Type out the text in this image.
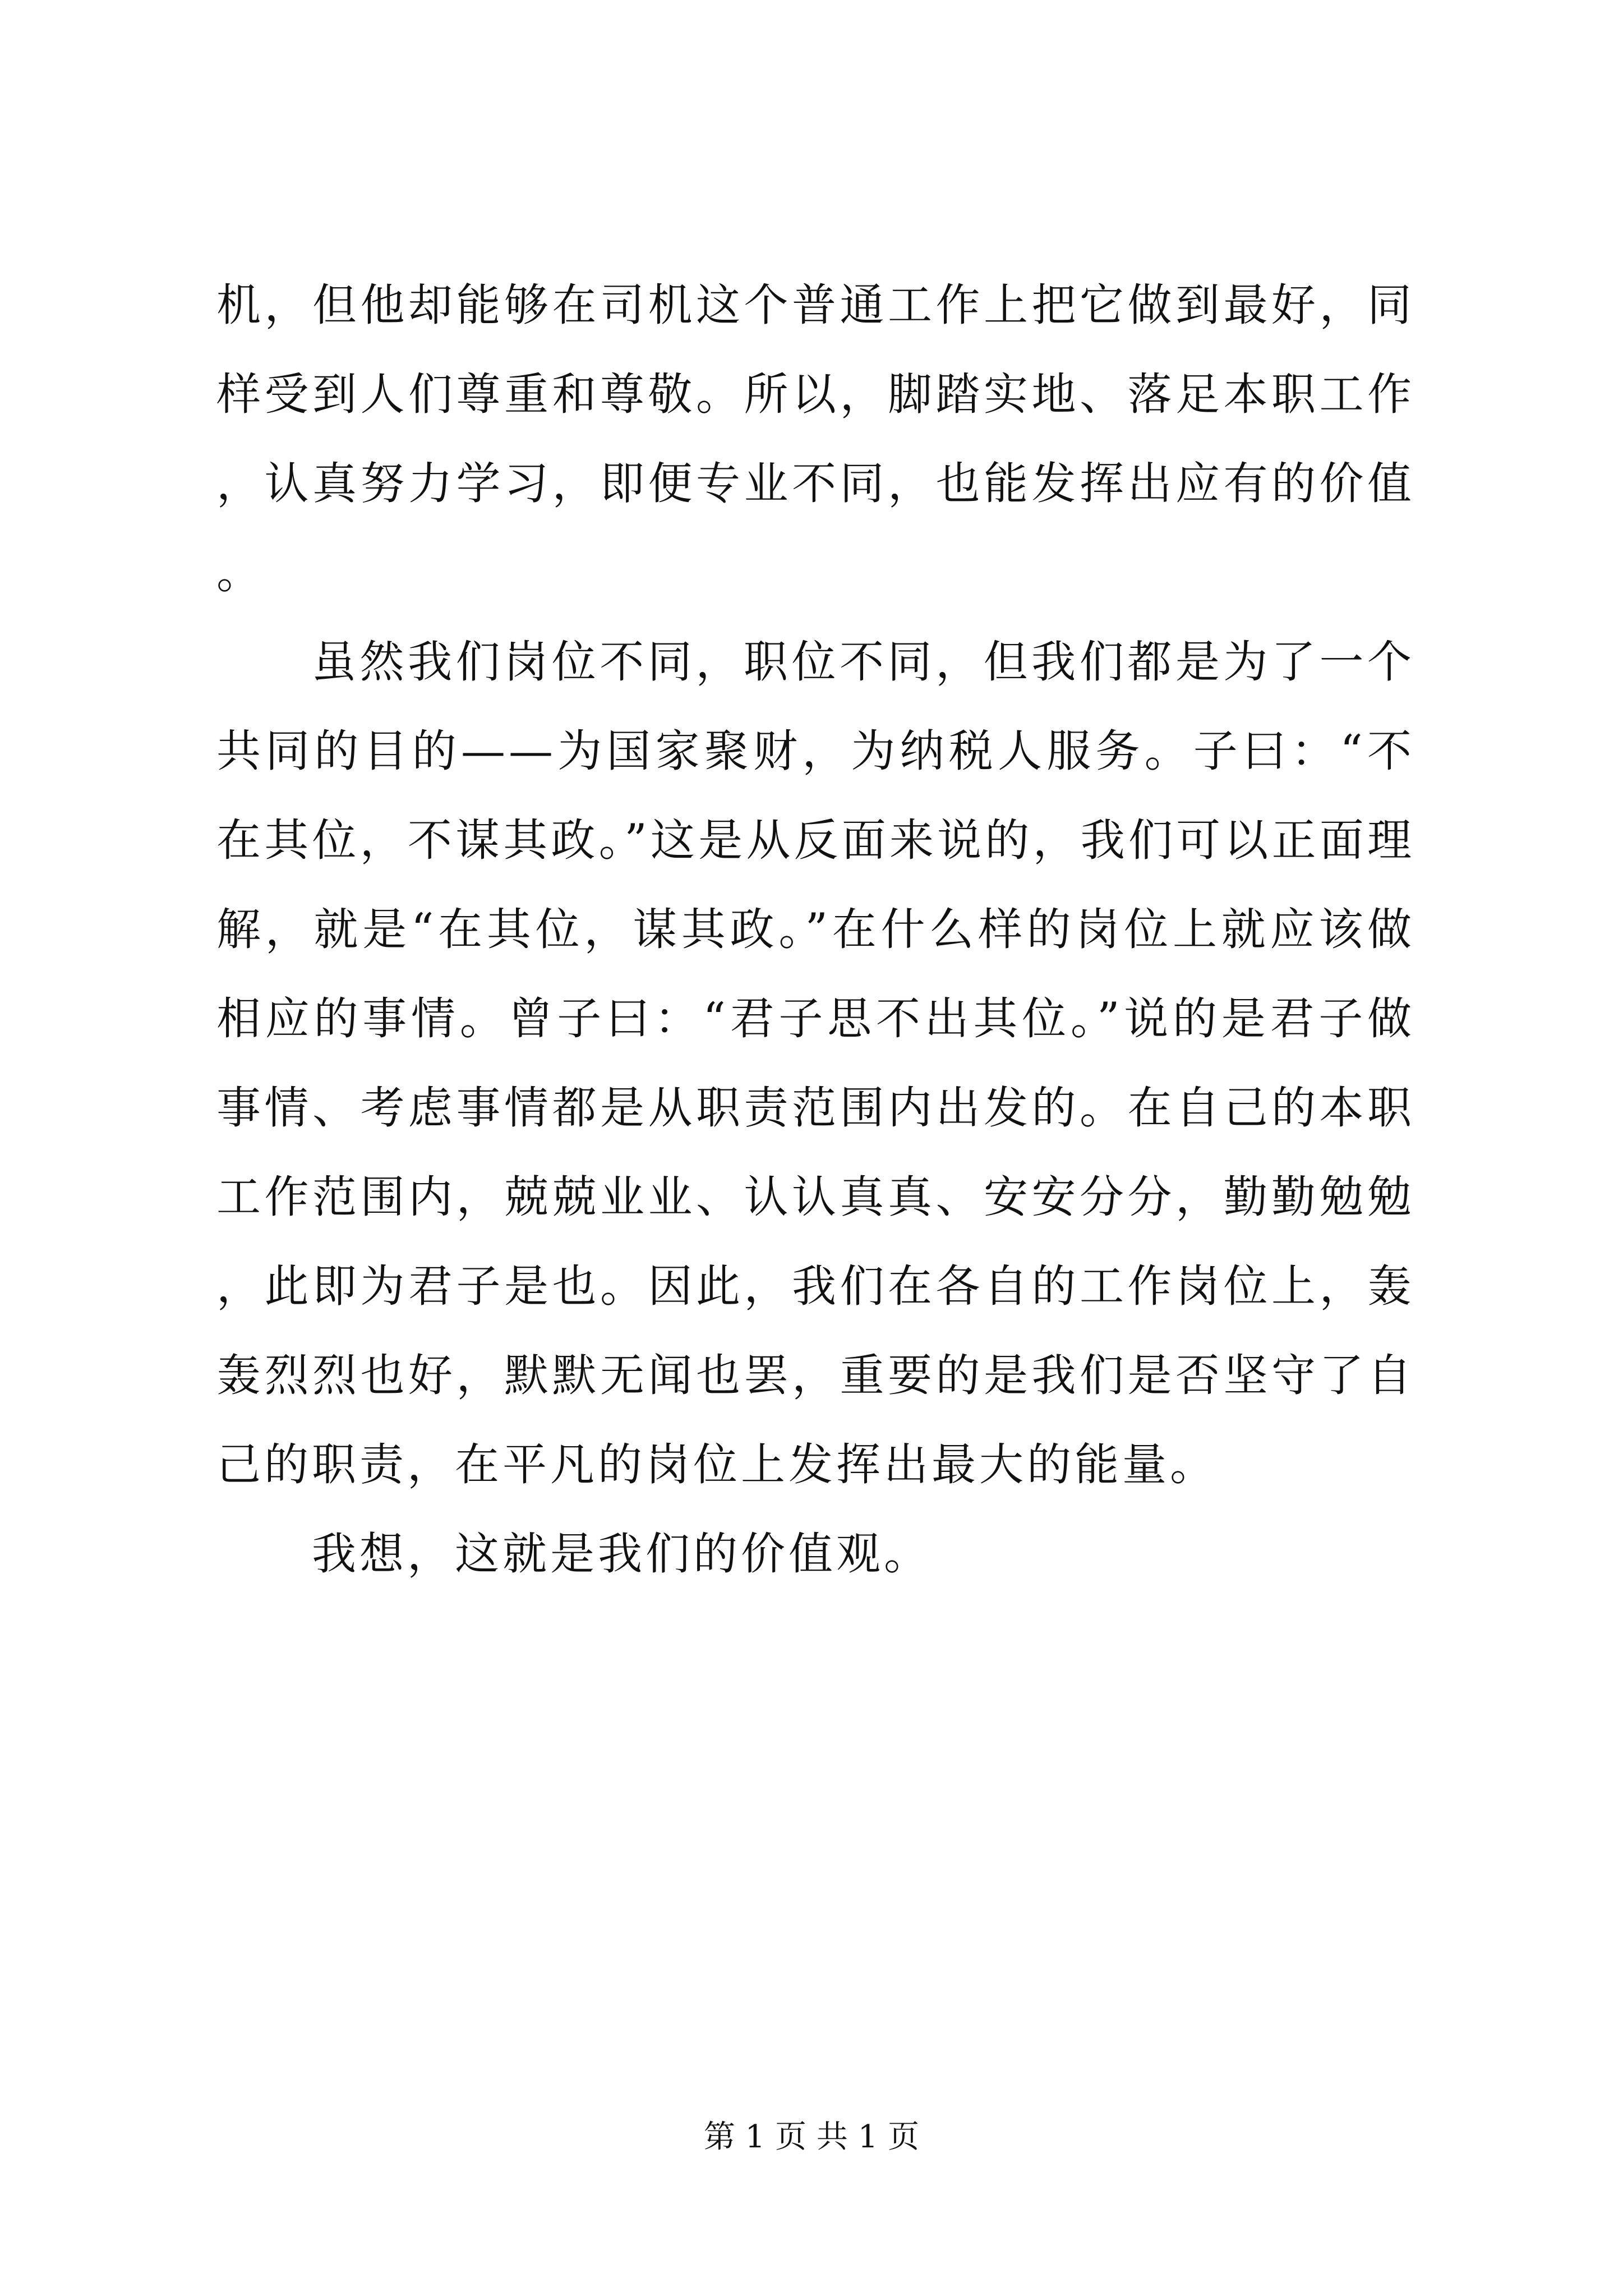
机，但他却能够在司机这个普通工作上把它做到最好，同样受到人们尊重和尊敬。所以，脚踏实地、落足本职工作，认真努力学习，即便专业不同，也能发挥出应有的价值。

虽然我们岗位不同，职位不同，但我们都是为了一个共同的目的——为国家聚财，为纳税人服务。子曰：“不在其位，不谋其政。”这是从反面来说的，我们可以正面理解，就是“在其位，谋其政。”在什么样的岗位上就应该做相应的事情。曾子曰：“君子思不出其位。”说的是君子做事情、考虑事情都是从职责范围内出发的。在自己的本职工作范围内，兢兢业业、认认真真、安安分分，勤勤勉勉，此即为君子是也。因此，我们在各自的工作岗位上，轰轰烈烈也好，默默无闻也罢，重要的是我们是否坚守了自己的职责，在平凡的岗位上发挥出最大的能量。

我想，这就是我们的价值观。

第 1 页 共 1 页
